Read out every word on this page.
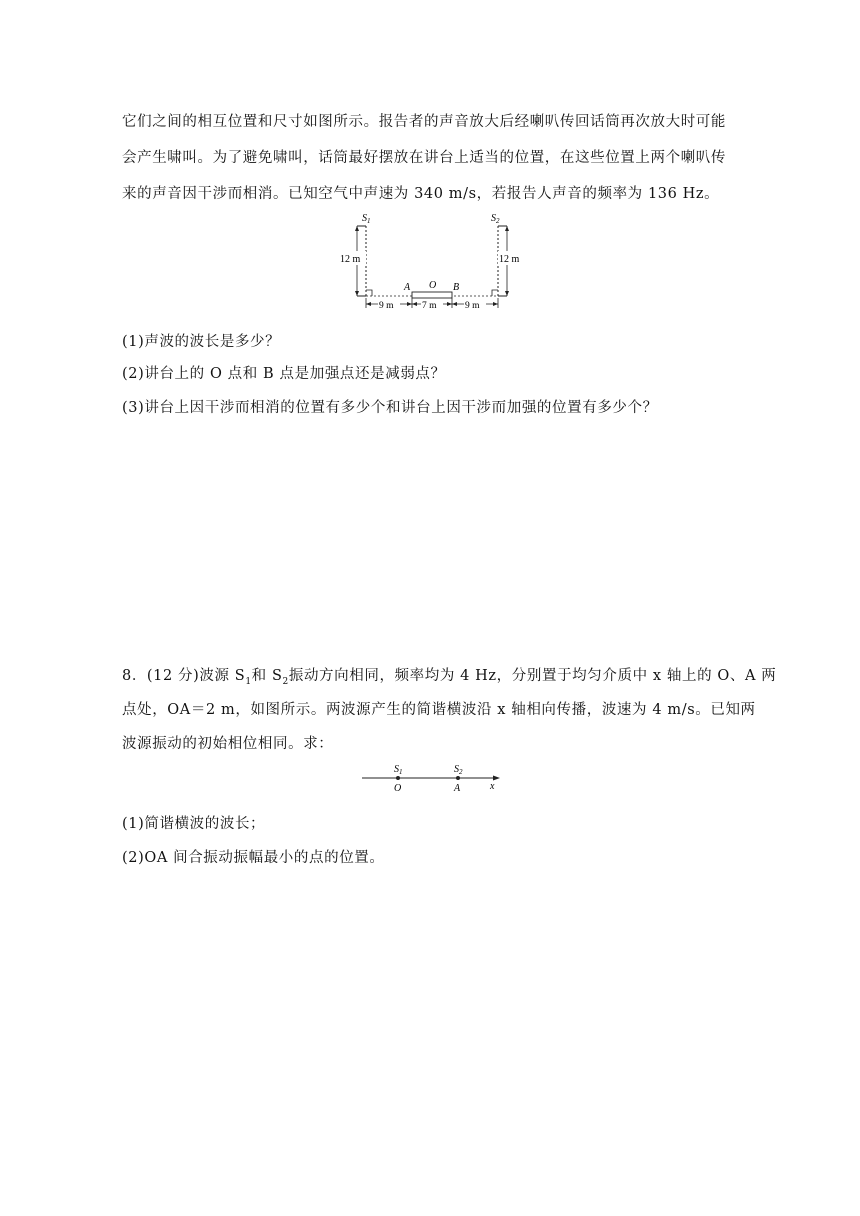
它们之间的相互位置和尺寸如图所示。报告者的声音放大后经喇叭传回话筒再次放大时可能
会产生啸叫。为了避免啸叫，话筒最好摆放在讲台上适当的位置，在这些位置上两个喇叭传
来的声音因干涉而相消。已知空气中声速为 340 m/s，若报告人声音的频率为 136 Hz。
$S_1$
12 m
$S_2$
12 m
A O B
9 m	7 m	9 m
(1)声波的波长是多少？
(2)讲台上的 O 点和 B 点是加强点还是减弱点？
(3)讲台上因干涉而相消的位置有多少个和讲台上因干涉而加强的位置有多少个？
8．(12 分)波源 $S_1$和 $S_2$振动方向相同，频率均为 4 Hz，分别置于均匀介质中 x 轴上的 O、A 两
点处，OA＝2 m，如图所示。两波源产生的简谐横波沿 x 轴相向传播，波速为 4 m/s。已知两
波源振动的初始相位相同。求：
$S_1$	$S_2$
O	A	x
(1)简谐横波的波长；
(2)OA 间合振动振幅最小的点的位置。
